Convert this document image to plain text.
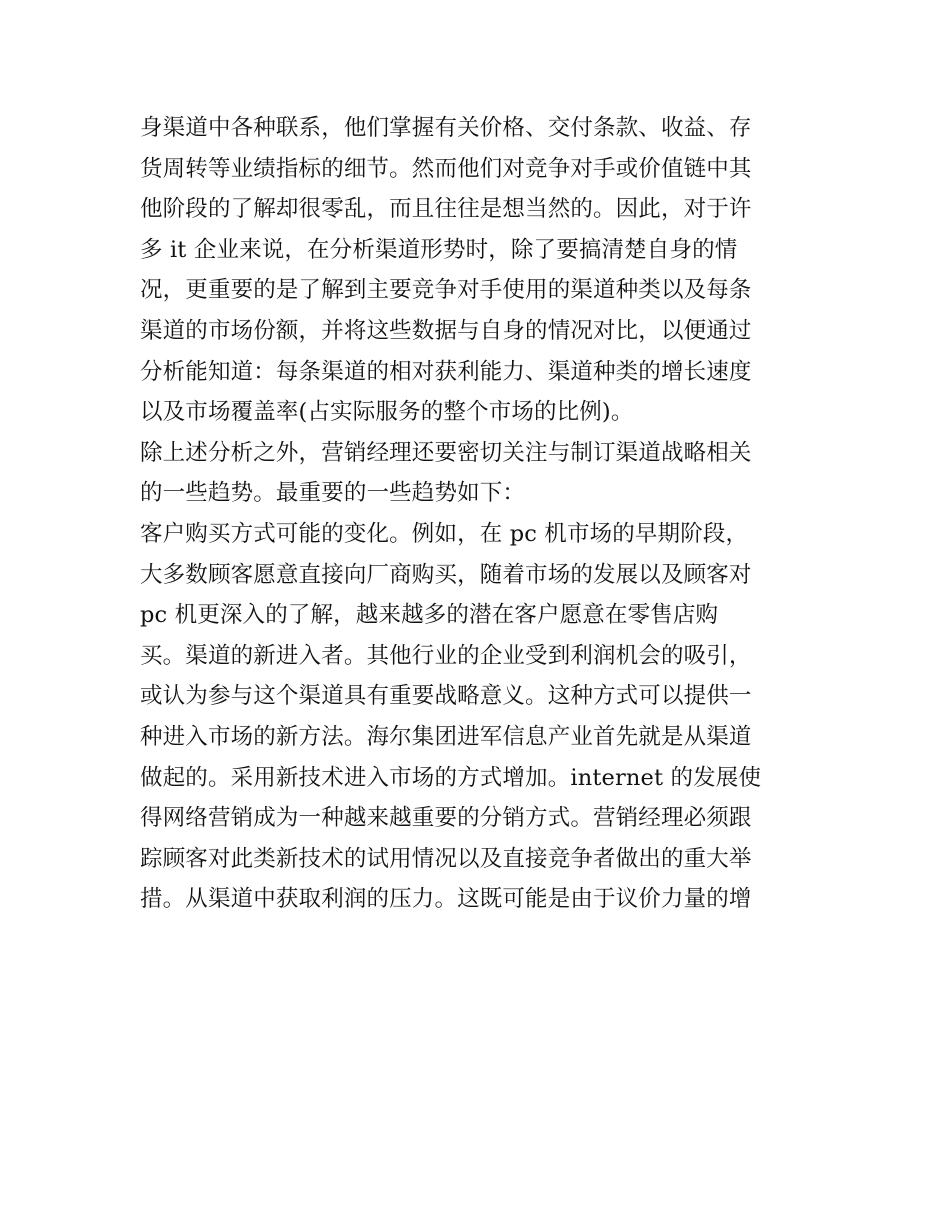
身渠道中各种联系，他们掌握有关价格、交付条款、收益、存
货周转等业绩指标的细节。然而他们对竞争对手或价值链中其
他阶段的了解却很零乱，而且往往是想当然的。因此，对于许
多 it 企业来说，在分析渠道形势时，除了要搞清楚自身的情
况，更重要的是了解到主要竞争对手使用的渠道种类以及每条
渠道的市场份额，并将这些数据与自身的情况对比，以便通过
分析能知道：每条渠道的相对获利能力、渠道种类的增长速度
以及市场覆盖率(占实际服务的整个市场的比例)。
除上述分析之外，营销经理还要密切关注与制订渠道战略相关
的一些趋势。最重要的一些趋势如下：
客户购买方式可能的变化。例如，在 pc 机市场的早期阶段，
大多数顾客愿意直接向厂商购买，随着市场的发展以及顾客对
pc 机更深入的了解，越来越多的潜在客户愿意在零售店购
买。渠道的新进入者。其他行业的企业受到利润机会的吸引，
或认为参与这个渠道具有重要战略意义。这种方式可以提供一
种进入市场的新方法。海尔集团进军信息产业首先就是从渠道
做起的。采用新技术进入市场的方式增加。internet 的发展使
得网络营销成为一种越来越重要的分销方式。营销经理必须跟
踪顾客对此类新技术的试用情况以及直接竞争者做出的重大举
措。从渠道中获取利润的压力。这既可能是由于议价力量的增
